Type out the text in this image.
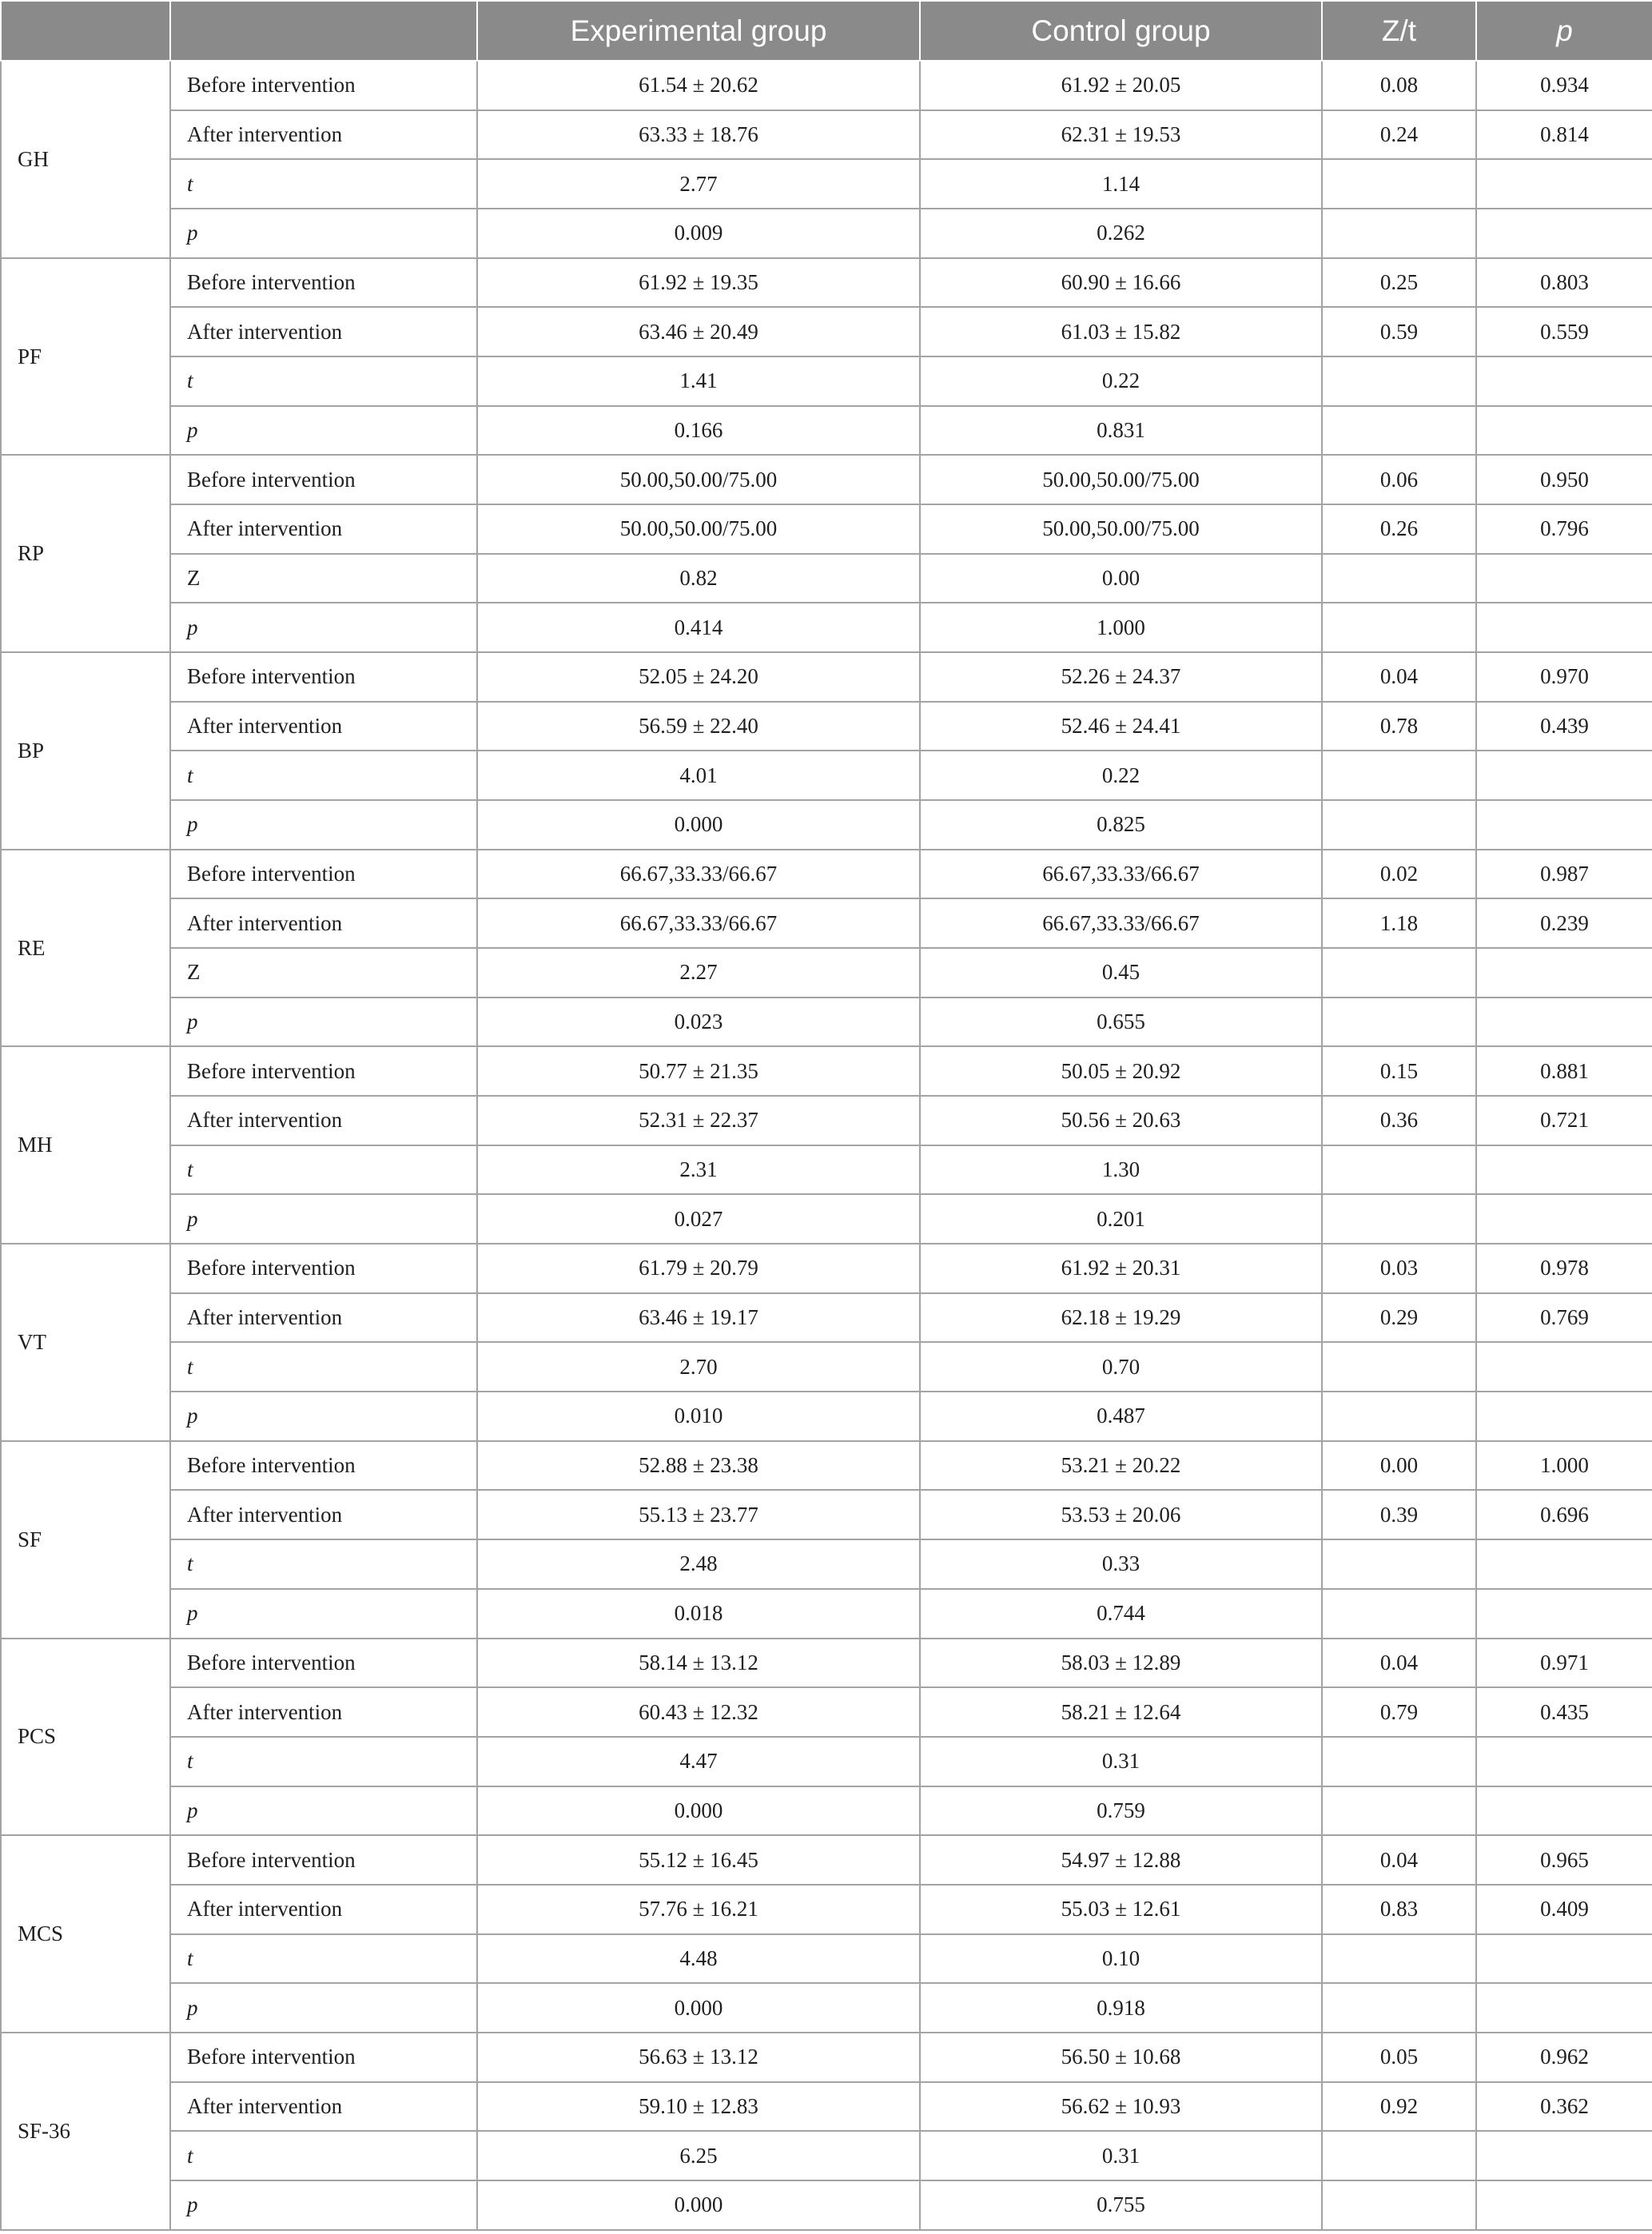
		Experimental group	Control group	Z/t	p
GH	Before intervention	61.54 ± 20.62	61.92 ± 20.05	0.08	0.934
	After intervention	63.33 ± 18.76	62.31 ± 19.53	0.24	0.814
	t	2.77	1.14		
	p	0.009	0.262		
PF	Before intervention	61.92 ± 19.35	60.90 ± 16.66	0.25	0.803
	After intervention	63.46 ± 20.49	61.03 ± 15.82	0.59	0.559
	t	1.41	0.22		
	p	0.166	0.831		
RP	Before intervention	50.00,50.00/75.00	50.00,50.00/75.00	0.06	0.950
	After intervention	50.00,50.00/75.00	50.00,50.00/75.00	0.26	0.796
	Z	0.82	0.00		
	p	0.414	1.000		
BP	Before intervention	52.05 ± 24.20	52.26 ± 24.37	0.04	0.970
	After intervention	56.59 ± 22.40	52.46 ± 24.41	0.78	0.439
	t	4.01	0.22		
	p	0.000	0.825		
RE	Before intervention	66.67,33.33/66.67	66.67,33.33/66.67	0.02	0.987
	After intervention	66.67,33.33/66.67	66.67,33.33/66.67	1.18	0.239
	Z	2.27	0.45		
	p	0.023	0.655		
MH	Before intervention	50.77 ± 21.35	50.05 ± 20.92	0.15	0.881
	After intervention	52.31 ± 22.37	50.56 ± 20.63	0.36	0.721
	t	2.31	1.30		
	p	0.027	0.201		
VT	Before intervention	61.79 ± 20.79	61.92 ± 20.31	0.03	0.978
	After intervention	63.46 ± 19.17	62.18 ± 19.29	0.29	0.769
	t	2.70	0.70		
	p	0.010	0.487		
SF	Before intervention	52.88 ± 23.38	53.21 ± 20.22	0.00	1.000
	After intervention	55.13 ± 23.77	53.53 ± 20.06	0.39	0.696
	t	2.48	0.33		
	p	0.018	0.744		
PCS	Before intervention	58.14 ± 13.12	58.03 ± 12.89	0.04	0.971
	After intervention	60.43 ± 12.32	58.21 ± 12.64	0.79	0.435
	t	4.47	0.31		
	p	0.000	0.759		
MCS	Before intervention	55.12 ± 16.45	54.97 ± 12.88	0.04	0.965
	After intervention	57.76 ± 16.21	55.03 ± 12.61	0.83	0.409
	t	4.48	0.10		
	p	0.000	0.918		
SF-36	Before intervention	56.63 ± 13.12	56.50 ± 10.68	0.05	0.962
	After intervention	59.10 ± 12.83	56.62 ± 10.93	0.92	0.362
	t	6.25	0.31		
	p	0.000	0.755		
